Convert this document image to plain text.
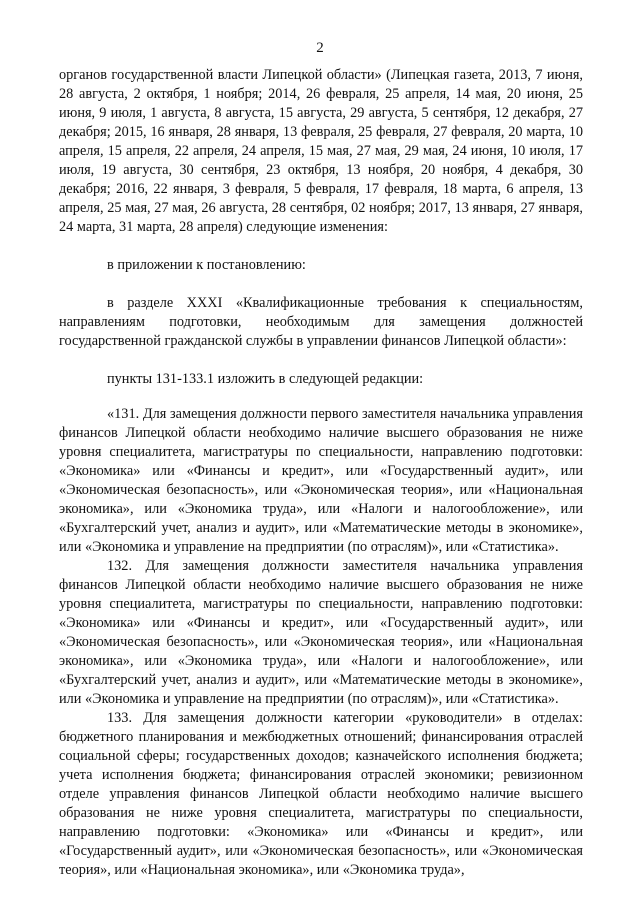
2

органов государственной власти Липецкой области» (Липецкая газета, 2013, 7 июня, 28 августа, 2 октября, 1 ноября; 2014, 26 февраля, 25 апреля, 14 мая, 20 июня, 25 июня, 9 июля, 1 августа, 8 августа, 15 августа, 29 августа, 5 сентября, 12 декабря, 27 декабря; 2015, 16 января, 28 января, 13 февраля, 25 февраля, 27 февраля, 20 марта, 10 апреля, 15 апреля, 22 апреля, 24 апреля, 15 мая, 27 мая, 29 мая, 24 июня, 10 июля, 17 июля, 19 августа, 30 сентября, 23 октября, 13 ноября, 20 ноября, 4 декабря, 30 декабря; 2016, 22 января, 3 февраля, 5 февраля, 17 февраля, 18 марта, 6 апреля, 13 апреля, 25 мая, 27 мая, 26 августа, 28 сентября, 02 ноября; 2017, 13 января, 27 января, 24 марта, 31 марта, 28 апреля) следующие изменения:

в приложении к постановлению:

в разделе XXXI «Квалификационные требования к специальностям, направлениям подготовки, необходимым для замещения должностей государственной гражданской службы в управлении финансов Липецкой области»:

пункты 131-133.1 изложить в следующей редакции:

«131. Для замещения должности первого заместителя начальника управления финансов Липецкой области необходимо наличие высшего образования не ниже уровня специалитета, магистратуры по специальности, направлению подготовки: «Экономика» или «Финансы и кредит», или «Государственный аудит», или «Экономическая безопасность», или «Экономическая теория», или «Национальная экономика», или «Экономика труда», или «Налоги и налогообложение», или «Бухгалтерский учет, анализ и аудит», или «Математические методы в экономике», или «Экономика и управление на предприятии (по отраслям)», или «Статистика».

132. Для замещения должности заместителя начальника управления финансов Липецкой области необходимо наличие высшего образования не ниже уровня специалитета, магистратуры по специальности, направлению подготовки: «Экономика» или «Финансы и кредит», или «Государственный аудит», или «Экономическая безопасность», или «Экономическая теория», или «Национальная экономика», или «Экономика труда», или «Налоги и налогообложение», или «Бухгалтерский учет, анализ и аудит», или «Математические методы в экономике», или «Экономика и управление на предприятии (по отраслям)», или «Статистика».

133. Для замещения должности категории «руководители» в отделах: бюджетного планирования и межбюджетных отношений; финансирования отраслей социальной сферы; государственных доходов; казначейского исполнения бюджета; учета исполнения бюджета; финансирования отраслей экономики; ревизионном отделе управления финансов Липецкой области необходимо наличие высшего образования не ниже уровня специалитета, магистратуры по специальности, направлению подготовки: «Экономика» или «Финансы и кредит», или «Государственный аудит», или «Экономическая безопасность», или «Экономическая теория», или «Национальная экономика», или «Экономика труда»,
